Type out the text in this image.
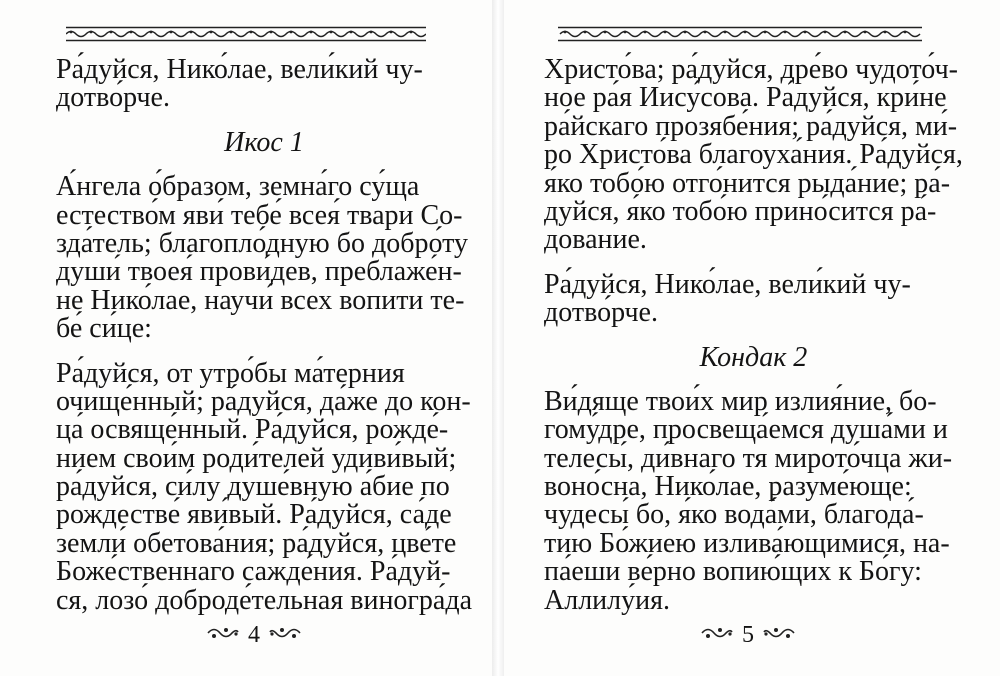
Ра́дуйся, Нико́лае, вели́кий чу-
дотво́рче.
Икос 1
А́нгела о́бразом, земна́го су́ща
естество́м яви́ тебе́ всея́ твари Со-
зда́тель; благопло́дную бо добро́ту
души́ твоея́ прови́дев, преблаже́н-
не Нико́лае, научи́ всех вопити те-
бе́ си́це:
Ра́дуйся, от утро́бы ма́терния
очище́нный; ра́дуйся, да́же до кон-
ца́ освяще́нный. Ра́дуйся, рожде́-
нием свои́м роди́телей удиви́вый;
ра́дуйся, си́лу душе́вную а́бие по
рождестве́ яви́вый. Ра́дуйся, са́де
земли́ обетова́ния; ра́дуйся, цве́те
Боже́ственнаго сажде́ния. Ра́дуй-
ся, лозо́ доброде́тельная виногра́да
4
Христо́ва; ра́дуйся, дре́во чудото́ч-
ное ра́я Иису́сова. Ра́дуйся, кри́не
ра́йскаго прозябе́ния; ра́дуйся, ми́-
ро Христо́ва благоуха́ния. Ра́дуйся,
я́ко тобо́ю отго́нится рыда́ние; ра́-
дуйся, я́ко тобо́ю прино́сится ра́-
дование.
Ра́дуйся, Нико́лае, вели́кий чу-
дотво́рче.
Кондак 2
Ви́дяще твои́х мир излия́ние, бо-
гому́дре, просвеща́емся душа́ми и
телесы́, ди́внаго тя мирото́чца жи-
воно́сна, Нико́лае, разуме́юще:
чудесы́ бо, я́ко вода́ми, благода́-
тию Бо́жиею излива́ющимися, на-
па́еши ве́рно вопию́щих к Бо́гу:
Аллилу́ия.
5
